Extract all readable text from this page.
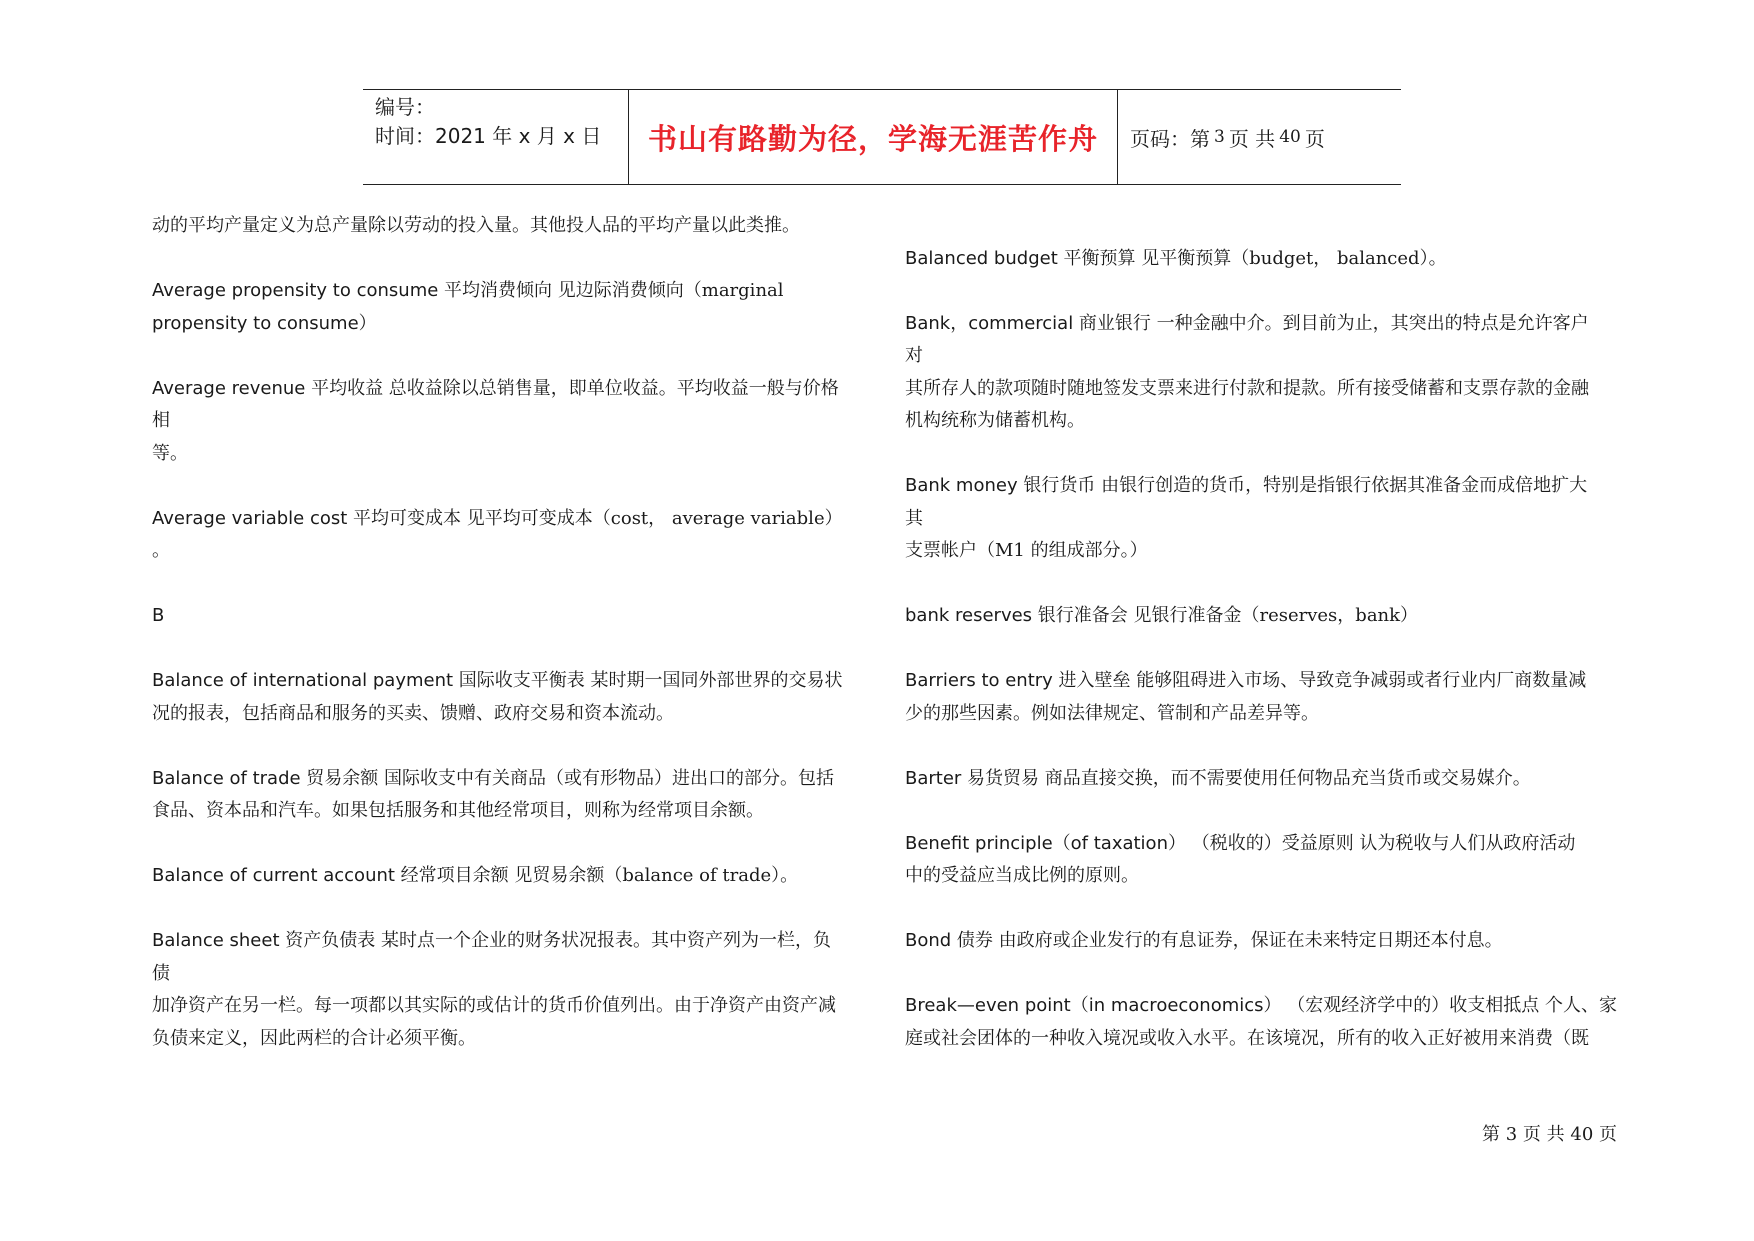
编号：
时间：2021 年 x 月 x 日	书山有路勤为径，学海无涯苦作舟	页码：第 3 页 共 40 页
动的平均产量定义为总产量除以劳动的投入量。其他投人品的平均产量以此类推。
Average propensity to consume 平均消费倾向 见边际消费倾向（marginal
propensity to consume）
Average revenue 平均收益 总收益除以总销售量，即单位收益。平均收益一般与价格
相
等。
Average variable cost 平均可变成本 见平均可变成本（cost， average variable）
。
B
Balance of international payment 国际收支平衡表 某时期一国同外部世界的交易状
况的报表，包括商品和服务的买卖、馈赠、政府交易和资本流动。
Balance of trade 贸易余额 国际收支中有关商品（或有形物品）进出口的部分。包括
食品、资本品和汽车。如果包括服务和其他经常项目，则称为经常项目余额。
Balance of current account 经常项目余额 见贸易余额（balance of trade）。
Balance sheet 资产负债表 某时点一个企业的财务状况报表。其中资产列为一栏，负
债
加净资产在另一栏。每一项都以其实际的或估计的货币价值列出。由于净资产由资产减
负债来定义，因此两栏的合计必须平衡。
Balanced budget 平衡预算 见平衡预算（budget， balanced）。
Bank，commercial 商业银行 一种金融中介。到目前为止，其突出的特点是允许客户
对
其所存人的款项随时随地签发支票来进行付款和提款。所有接受储蓄和支票存款的金融
机构统称为储蓄机构。
Bank money 银行货币 由银行创造的货币，特别是指银行依据其准备金而成倍地扩大
其
支票帐户（M1 的组成部分。）
bank reserves 银行准备会 见银行准备金（reserves，bank）
Barriers to entry 进入壁垒 能够阻碍进入市场、导致竞争减弱或者行业内厂商数量减
少的那些因素。例如法律规定、管制和产品差异等。
Barter 易货贸易 商品直接交换，而不需要使用任何物品充当货币或交易媒介。
Benefit principle（of taxation） （税收的）受益原则 认为税收与人们从政府活动
中的受益应当成比例的原则。
Bond 债券 由政府或企业发行的有息证券，保证在未来特定日期还本付息。
Break—even point（in macroeconomics） （宏观经济学中的）收支相抵点 个人、家
庭或社会团体的一种收入境况或收入水平。在该境况，所有的收入正好被用来消费（既
第 3 页 共 40 页
